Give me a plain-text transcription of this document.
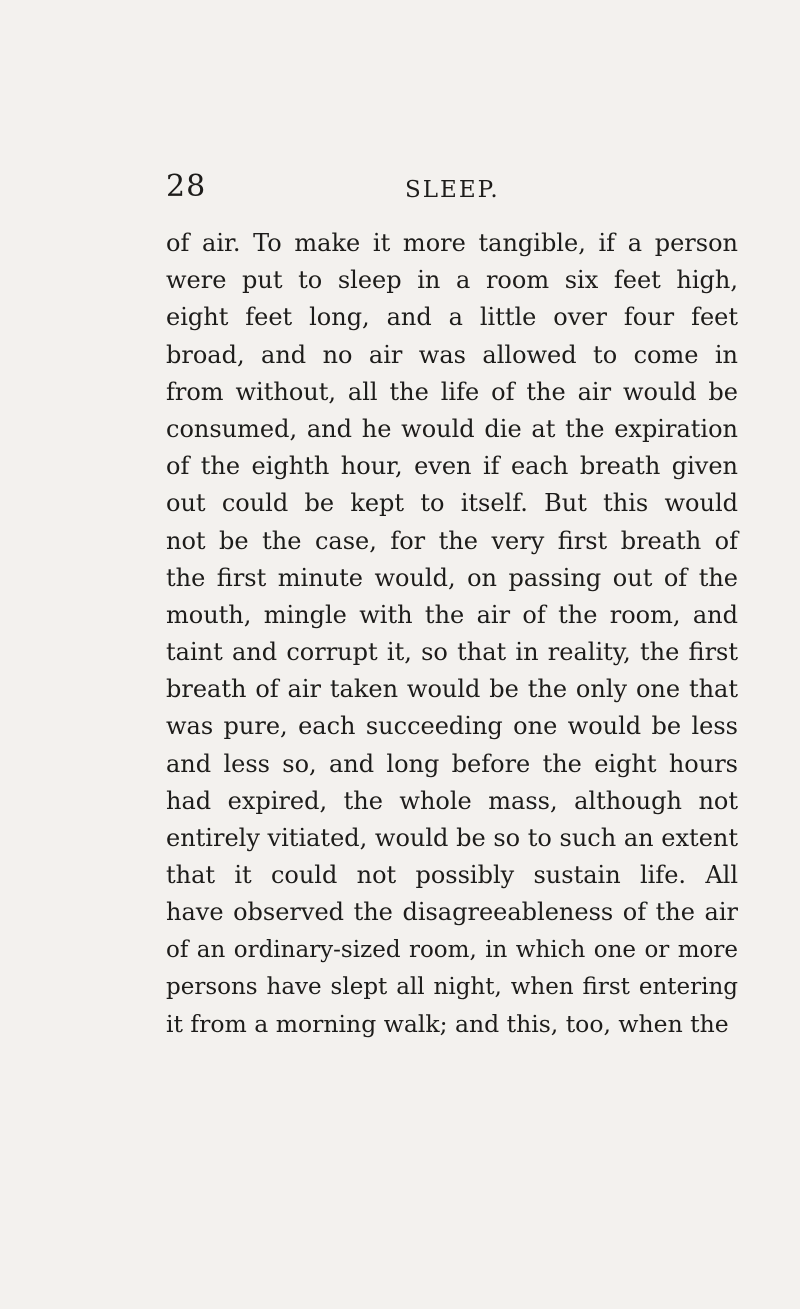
28	SLEEP.
of air. To make it more tangible, if a person
were put to sleep in a room six feet high,
eight feet long, and a little over four feet
broad, and no air was allowed to come in
from without, all the life of the air would be
consumed, and he would die at the expiration
of the eighth hour, even if each breath given
out could be kept to itself. But this would
not be the case, for the very first breath of
the first minute would, on passing out of the
mouth, mingle with the air of the room, and
taint and corrupt it, so that in reality, the first
breath of air taken would be the only one that
was pure, each succeeding one would be less
and less so, and long before the eight hours
had expired, the whole mass, although not
entirely vitiated, would be so to such an extent
that it could not possibly sustain life. All
have observed the disagreeableness of the air
of an ordinary-sized room, in which one or more
persons have slept all night, when first entering
it from a morning walk; and this, too, when the
